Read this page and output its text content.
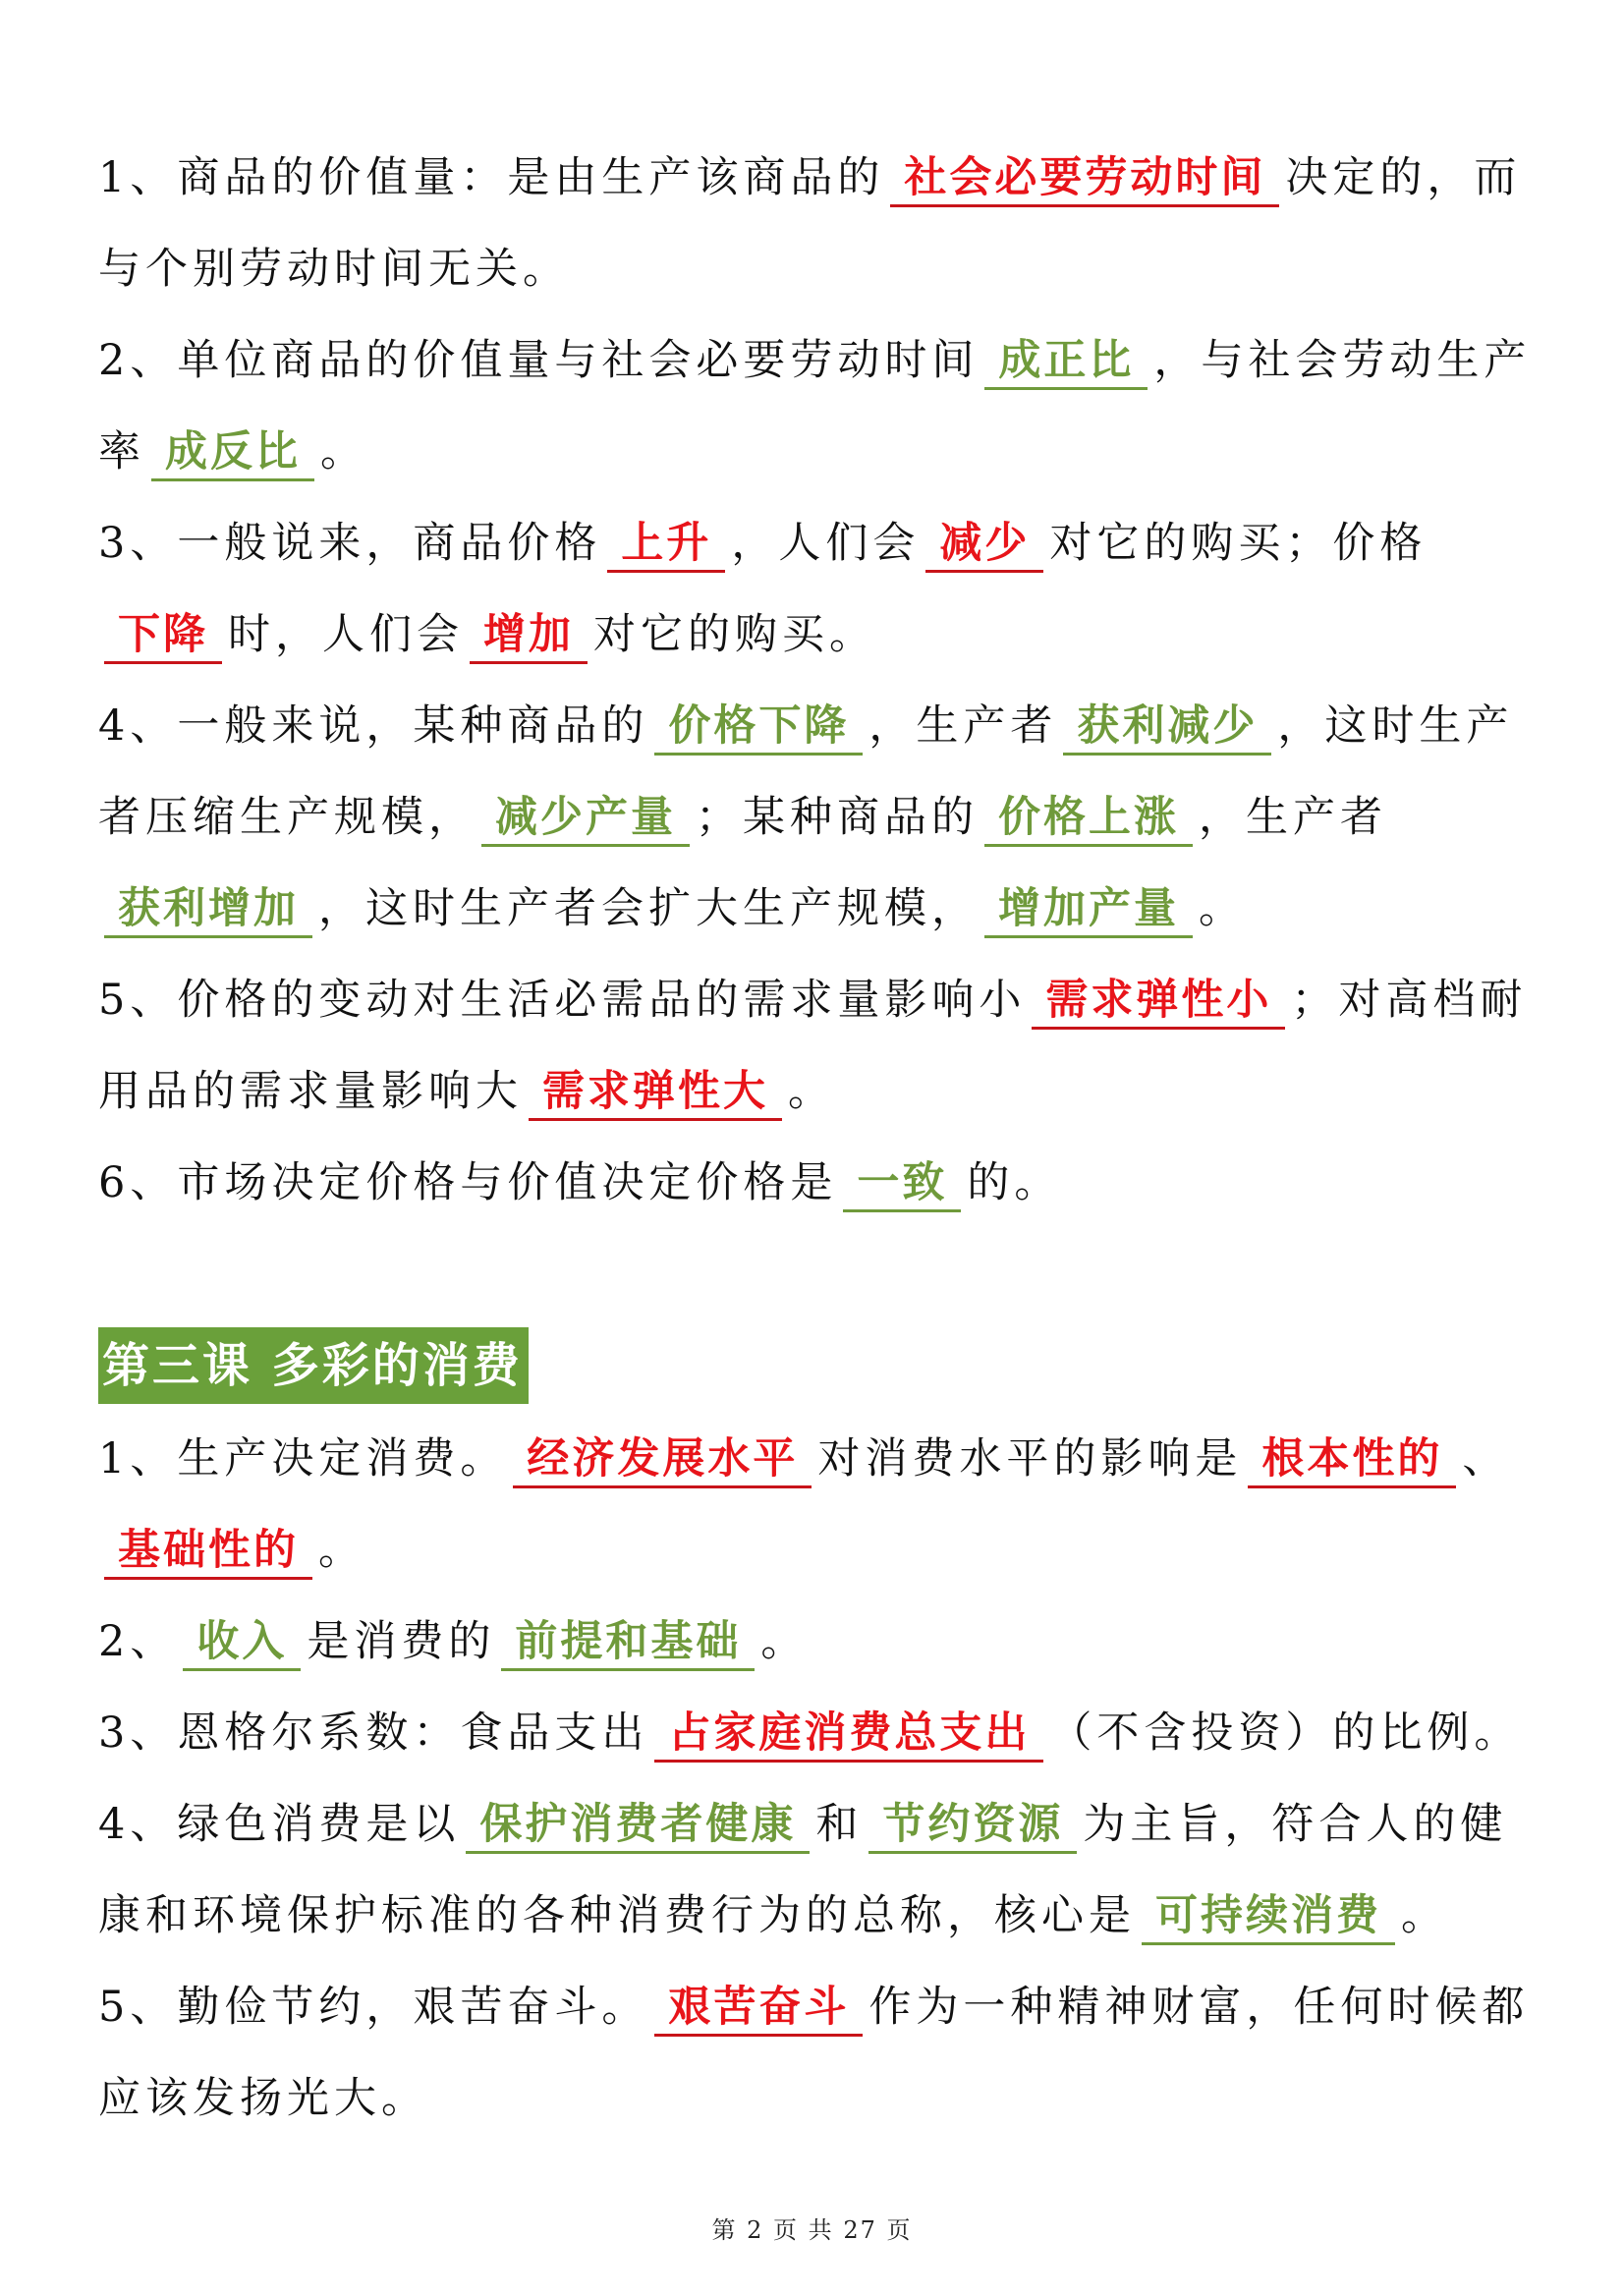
1、商品的价值量：是由生产该商品的 社会必要劳动时间 决定的，而与个别劳动时间无关。

2、单位商品的价值量与社会必要劳动时间 成正比 ，与社会劳动生产率 成反比 。

3、一般说来，商品价格 上升 ，人们会 减少 对它的购买；价格下降 时，人们会 增加 对它的购买。

4、一般来说，某种商品的 价格下降 ，生产者 获利减少 ，这时生产者压缩生产规模， 减少产量 ；某种商品的 价格上涨 ，生产者获利增加 ，这时生产者会扩大生产规模， 增加产量 。

5、价格的变动对生活必需品的需求量影响小 需求弹性小 ；对高档耐用品的需求量影响大 需求弹性大 。

6、市场决定价格与价值决定价格是 一致 的。

第三课 多彩的消费

1、生产决定消费。 经济发展水平 对消费水平的影响是 根本性的 、基础性的 。

2、 收入 是消费的 前提和基础 。

3、恩格尔系数：食品支出 占家庭消费总支出 （不含投资）的比例。

4、绿色消费是以 保护消费者健康 和 节约资源 为主旨，符合人的健康和环境保护标准的各种消费行为的总称，核心是 可持续消费 。

5、勤俭节约，艰苦奋斗。 艰苦奋斗 作为一种精神财富，任何时候都应该发扬光大。

第 2 页 共 27 页
